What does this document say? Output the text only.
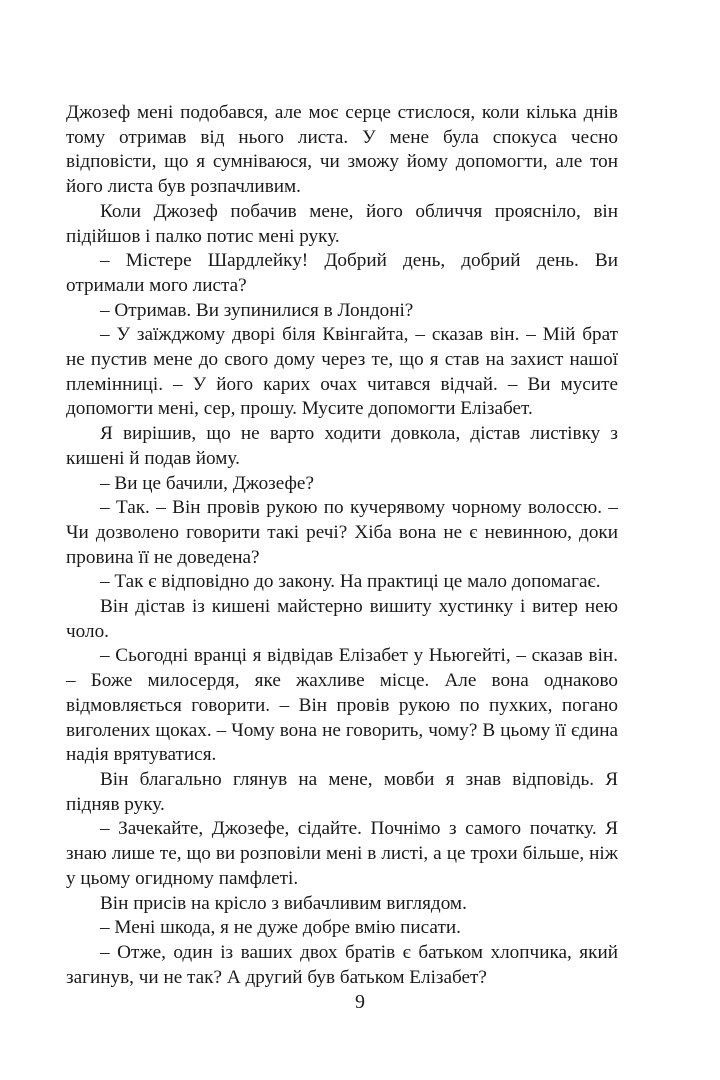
Джозеф мені подобався, але моє серце стислося, коли кілька днів тому отримав від нього листа. У мене була спокуса чесно відповісти, що я сумніваюся, чи зможу йому допомогти, але тон його листа був розпачливим.

Коли Джозеф побачив мене, його обличчя прояснiло, вiн пiдiйшов i палко потис менi руку.

– Мiстере Шардлейку! Добрий день, добрий день. Ви отримали мого листа?

– Отримав. Ви зупинилися в Лондонi?

– У заїжджому дворi бiля Квiнгайта, – сказав вiн. – Мiй брат не пустив мене до свого дому через те, що я став на захист нашої племiнницi. – У його карих очах читався вiдчай. – Ви мусите допомогти менi, сер, прошу. Мусите допомогти Елiзабет.

Я вирiшив, що не варто ходити довкола, дiстав листiвку з кишенi й подав йому.

– Ви це бачили, Джозефе?

– Так. – Вiн провiв рукою по кучерявому чорному волоссю. – Чи дозволено говорити такi речi? Хiба вона не є невинною, доки провина її не доведена?

– Так є вiдповiдно до закону. На практицi це мало допомагає.

Вiн дiстав iз кишенi майстерно вишиту хустинку i витер нею чоло.

– Сьогоднi вранцi я вiдвiдав Елiзабет у Ньюгейтi, – сказав вiн. – Боже милосердя, яке жахливе мiсце. Але вона однаково вiдмовляється говорити. – Вiн провiв рукою по пухких, погано виголених щоках. – Чому вона не говорить, чому? В цьому її єдина надiя врятуватися.

Вiн благально глянув на мене, мовби я знав вiдповiдь. Я пiдняв руку.

– Зачекайте, Джозефе, сiдайте. Почнiмо з самого початку. Я знаю лише те, що ви розповiли менi в листi, а це трохи бiльше, нiж у цьому огидному памфлетi.

Вiн присiв на крiсло з вибачливим виглядом.

– Менi шкода, я не дуже добре вмiю писати.

– Отже, один iз ваших двох братiв є батьком хлопчика, який загинув, чи не так? А другий був батьком Елiзабет?

9
